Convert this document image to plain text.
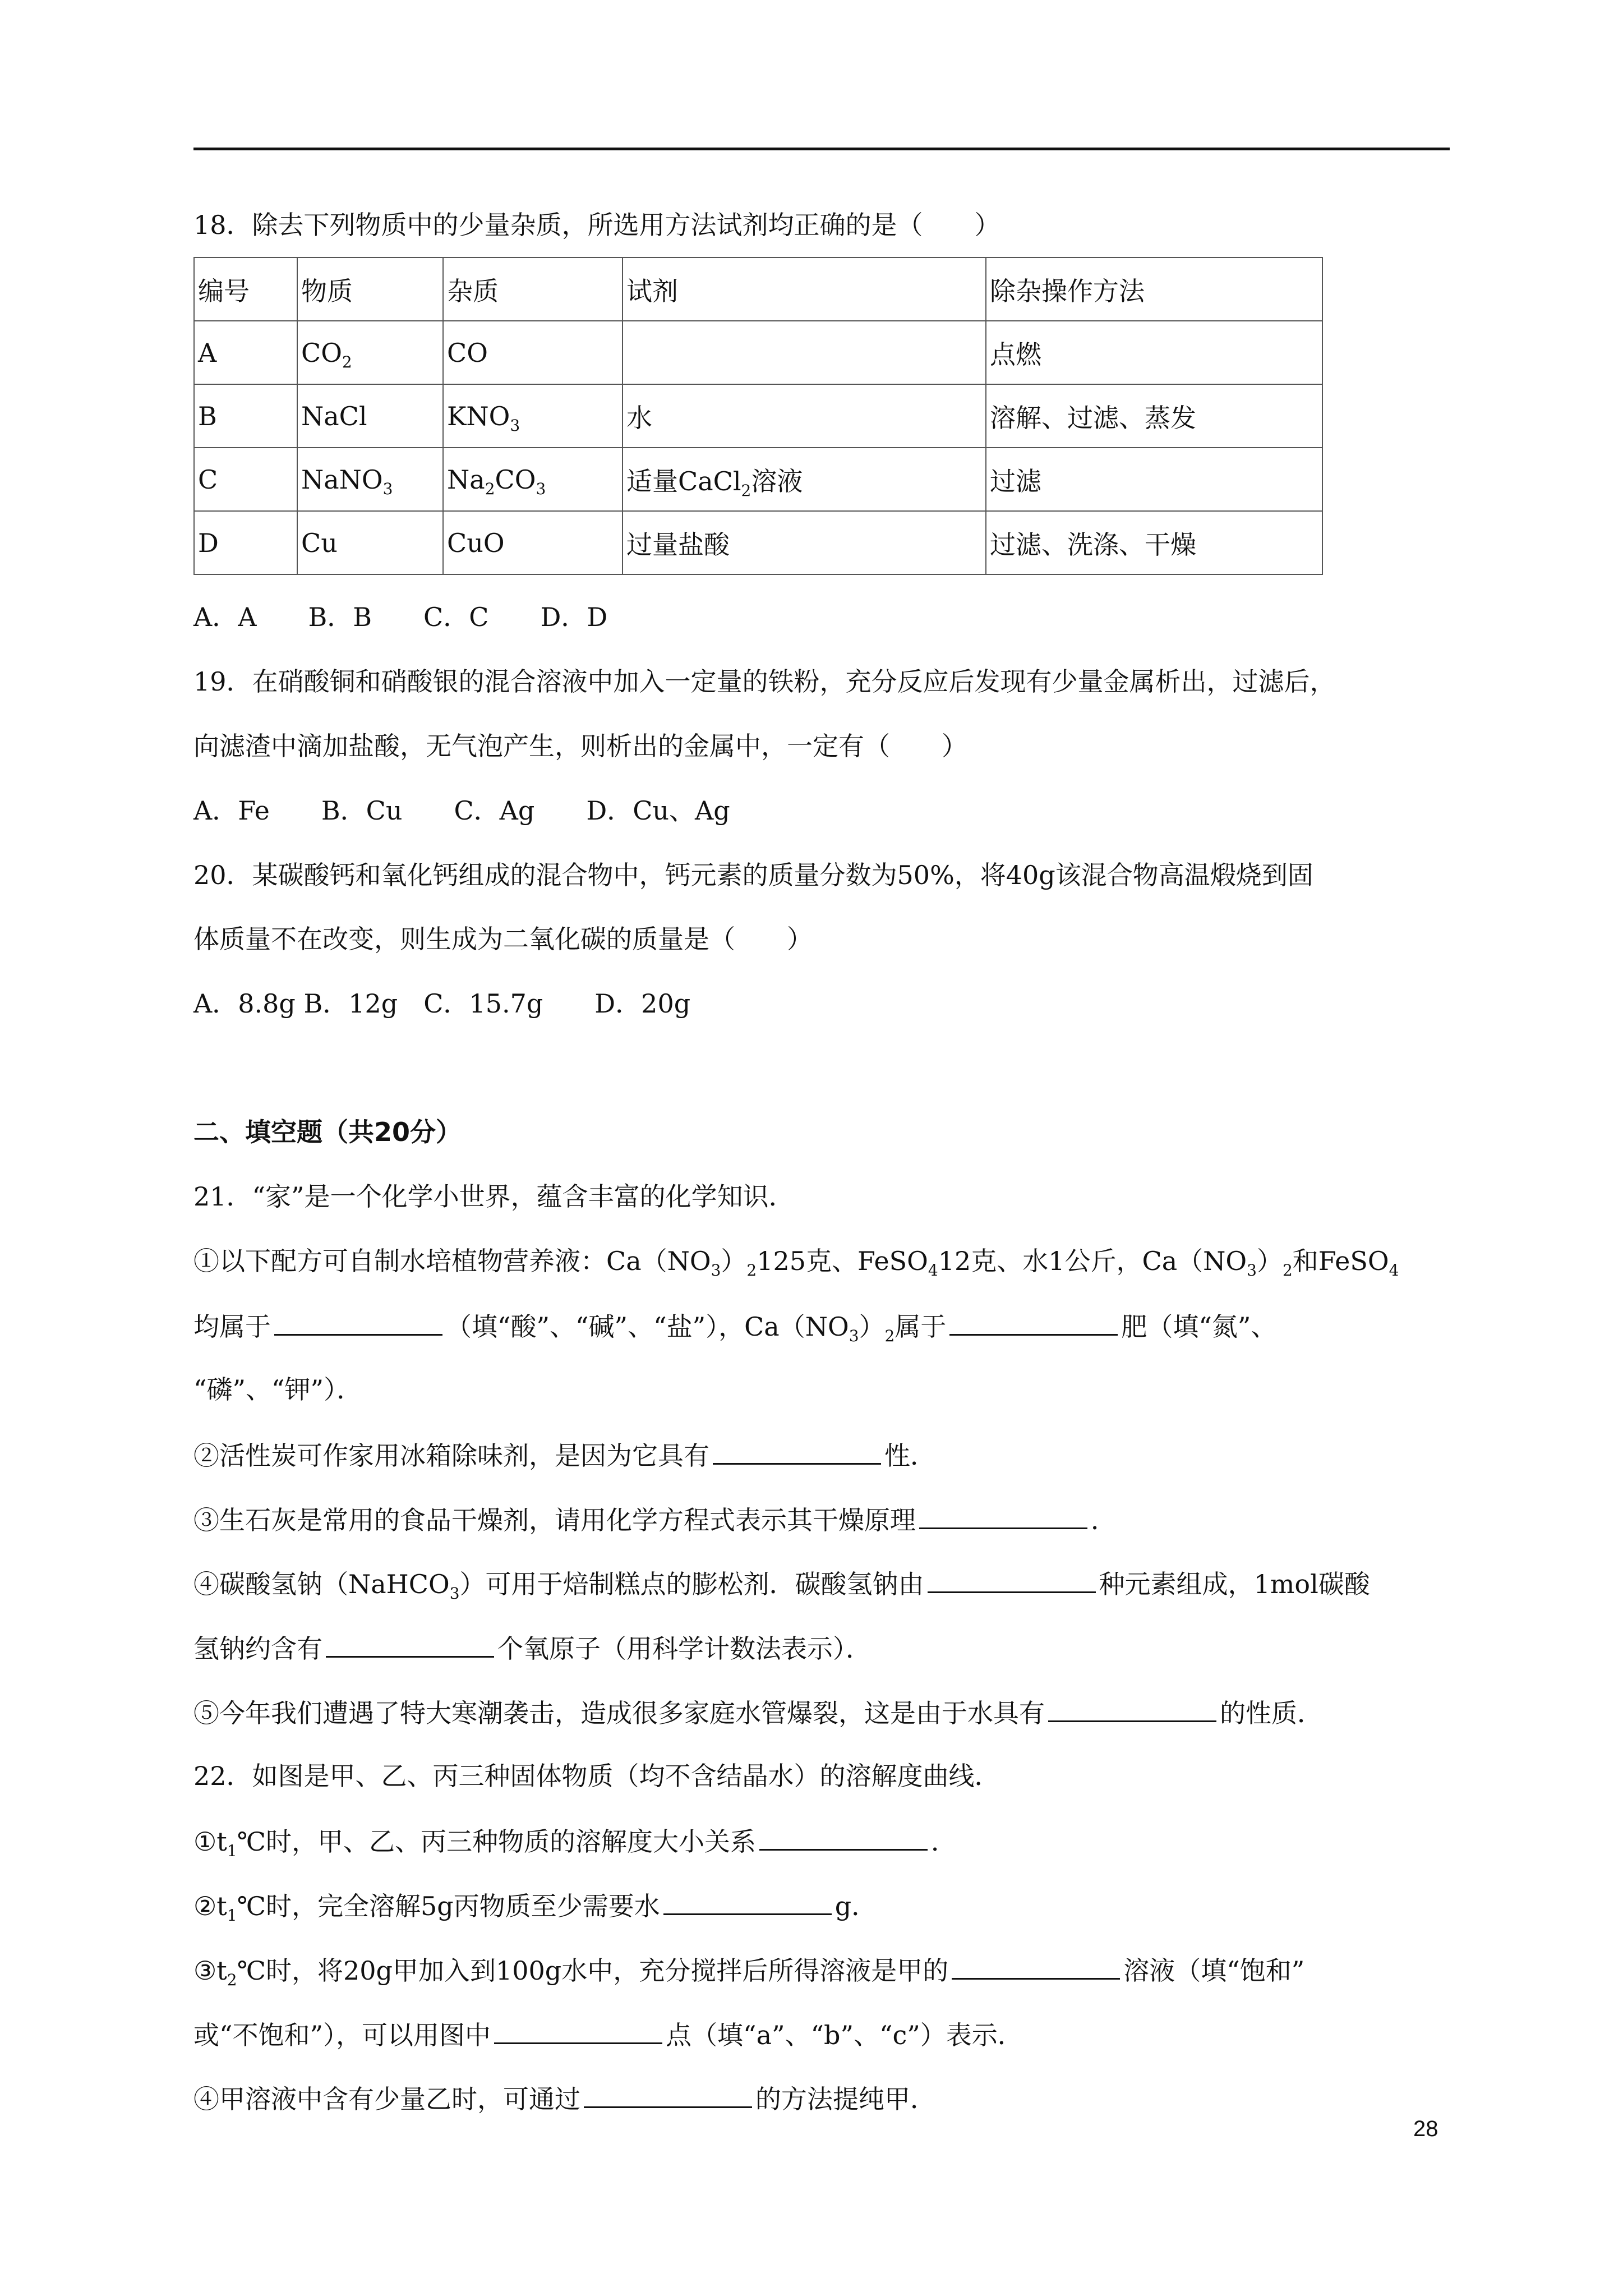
18．除去下列物质中的少量杂质，所选用方法试剂均正确的是（　　）
编号	物质	杂质	试剂	除杂操作方法
A	$CO_2$	CO		点燃
B	NaCl	$KNO_3$	水	溶解、过滤、蒸发
C	NaNO$_3$	$Na_2CO_3$	适量CaCl$_2$溶液	过滤
D	Cu	CuO	过量盐酸	过滤、洗涤、干燥
A．A　　B．B　　C．C　　D．D
19．在硝酸铜和硝酸银的混合溶液中加入一定量的铁粉，充分反应后发现有少量金属析出，过滤后，
向滤渣中滴加盐酸，无气泡产生，则析出的金属中，一定有（　　）
A．Fe　　B．Cu　　C．Ag　　D．Cu、Ag
20．某碳酸钙和氧化钙组成的混合物中，钙元素的质量分数为50%，将40g该混合物高温煅烧到固
体质量不在改变，则生成为二氧化碳的质量是（　　）
A．8.8g B．12g　C．15.7g　　D．20g
二、填空题（共20分）
21．“家”是一个化学小世界，蕴含丰富的化学知识．
①以下配方可自制水培植物营养液：$Ca(NO_3)_2125$克、FeSO$_4$12克、水1公斤，$Ca(NO_3)_2$和FeSO$_4$
均属于	（填“酸”、“碱”、“盐”），$Ca(NO_3)_2$属于	肥（填“氮”、
“磷”、“钾”）．
②活性炭可作家用冰箱除味剂，是因为它具有	性．
③生石灰是常用的食品干燥剂，请用化学方程式表示其干燥原理	．
④碳酸氢钠（NaHCO$_3$）可用于焙制糕点的膨松剂．碳酸氢钠由	种元素组成，1mol碳酸
氢钠约含有	个氧原子（用科学计数法表示）．
⑤今年我们遭遇了特大寒潮袭击，造成很多家庭水管爆裂，这是由于水具有	的性质．
22．如图是甲、乙、丙三种固体物质（均不含结晶水）的溶解度曲线．
$①t_1℃$时，甲、乙、丙三种物质的溶解度大小关系	．
$②t_1℃$时，完全溶解5g丙物质至少需要水	g．
$③t_2℃$时，将20g甲加入到100g水中，充分搅拌后所得溶液是甲的	溶液（填“饱和”
或“不饱和”），可以用图中	点（填“a”、“b”、“c”）表示．
④甲溶液中含有少量乙时，可通过	的方法提纯甲．
28
